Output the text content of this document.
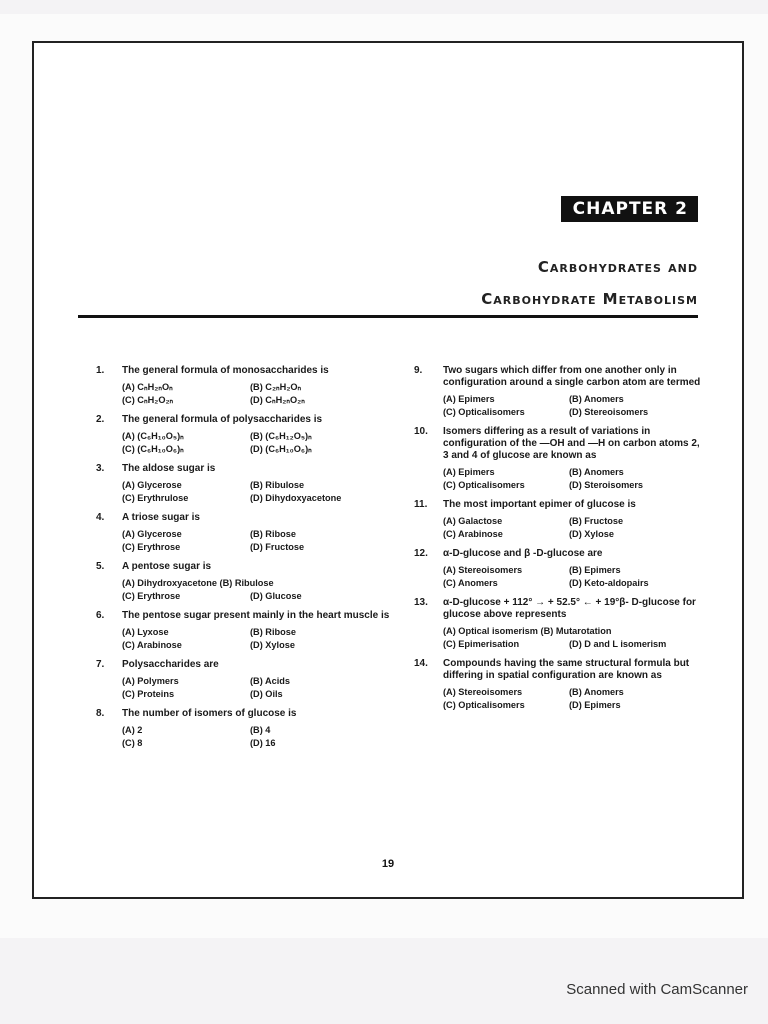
CHAPTER 2
Carbohydrates and
Carbohydrate Metabolism
1.	The general formula of monosaccharides is
(A) CₙH₂ₙOₙ	(B) C₂ₙH₂Oₙ
(C) CₙH₂O₂ₙ	(D) CₙH₂ₙO₂ₙ
2.	The general formula of polysaccharides is
(A) (C₆H₁₀O₅)ₙ	(B) (C₆H₁₂O₅)ₙ
(C) (C₆H₁₀O₆)ₙ	(D) (C₆H₁₀O₆)ₙ
3.	The aldose sugar is
(A) Glycerose	(B) Ribulose
(C) Erythrulose	(D) Dihydoxyacetone
4.	A triose sugar is
(A) Glycerose	(B) Ribose
(C) Erythrose	(D) Fructose
5.	A pentose sugar is
(A) Dihydroxyacetone (B) Ribulose
(C) Erythrose	(D) Glucose
6.	The pentose sugar present mainly in the heart muscle is
(A) Lyxose	(B) Ribose
(C) Arabinose	(D) Xylose
7.	Polysaccharides are
(A) Polymers	(B) Acids
(C) Proteins	(D) Oils
8.	The number of isomers of glucose is
(A) 2	(B) 4
(C) 8	(D) 16
9.	Two sugars which differ from one another only in configuration around a single carbon atom are termed
(A) Epimers	(B) Anomers
(C) Opticalisomers	(D) Stereoisomers
10.	Isomers differing as a result of variations in configuration of the —OH and —H on carbon atoms 2, 3 and 4 of glucose are known as
(A) Epimers	(B) Anomers
(C) Opticalisomers	(D) Steroisomers
11.	The most important epimer of glucose is
(A) Galactose	(B) Fructose
(C) Arabinose	(D) Xylose
12.	α-D-glucose and β -D-glucose are
(A) Stereoisomers	(B) Epimers
(C) Anomers	(D) Keto-aldopairs
13.	α-D-glucose + 112° → + 52.5° ← + 19°β- D-glucose for glucose above represents
(A) Optical isomerism (B) Mutarotation
(C) Epimerisation	(D) D and L isomerism
14.	Compounds having the same structural formula but differing in spatial configuration are known as
(A) Stereoisomers	(B) Anomers
(C) Opticalisomers	(D) Epimers
19
Scanned with CamScanner
